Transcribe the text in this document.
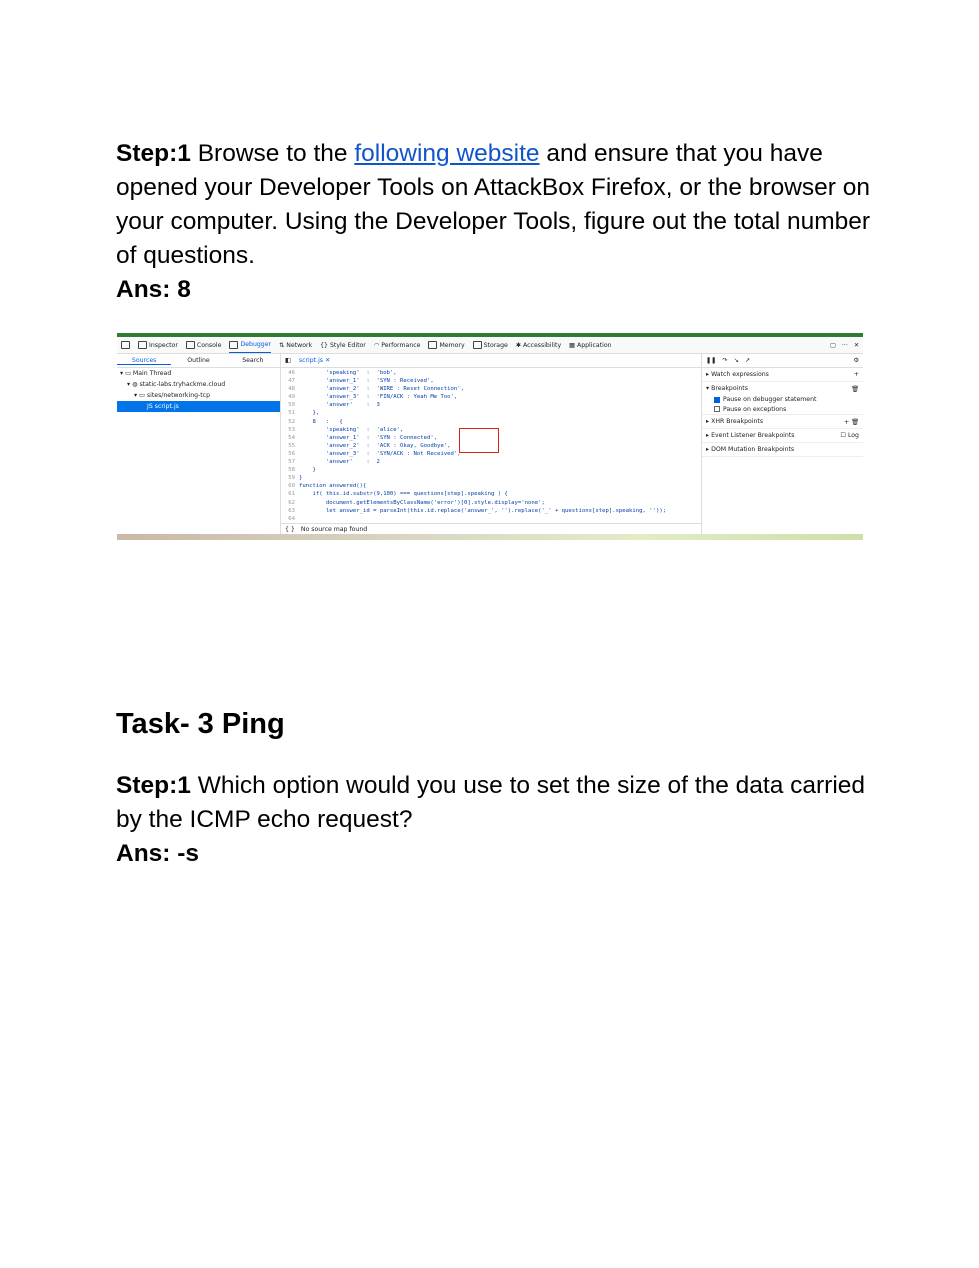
Step:1 Browse to the following website and ensure that you have opened your Developer Tools on AttackBox Firefox, or the browser on your computer. Using the Developer Tools, figure out the total number of questions.
Ans: 8
Inspector	Console	Debugger ⇅ Network {} Style Editor ◠ Performance	Memory	Storage ✱ Accessibility ▦ Application	▢ ··· ✕
Sources	Outline	Search
▾ ▭ Main Thread
▾ ◍ static-labs.tryhackme.cloud
▾ ▭ sites/networking-tcp
JS script.js
◧ script.js ✕
46 'speaking'  :  'bob',
47 'answer_1'  :  'SYN : Received',
48 'answer_2'  :  'WIRE : Reset Connection',
49 'answer_3'  :  'FIN/ACK : Yeah Me Too',
50 'answer'    :  3
51 },
52 8   :   {
53 'speaking'  :  'alice',
54 'answer_1'  :  'SYN : Connected',
55 'answer_2'  :  'ACK : Okay, Goodbye',
56 'answer_3'  :  'SYN/ACK : Not Received',
57 'answer'    :  2
58 }
59 }
60 function answered(){
61 if( this.id.substr(9,100) === questions[step].speaking ) {
62 document.getElementsByClassName('error')[0].style.display='none';
63 let answer_id = parseInt(this.id.replace('answer_', '').replace('_' + questions[step].speaking, ''));
64
{ } No source map found
❚❚ ↷ ↘ ↗	⚙
▸ Watch expressions	+
▾ Breakpoints	🗑
Pause on debugger statement
Pause on exceptions
▸ XHR Breakpoints	+ 🗑
▸ Event Listener Breakpoints	☐ Log
▸ DOM Mutation Breakpoints
Task- 3 Ping
Step:1 Which option would you use to set the size of the data carried by the ICMP echo request?
Ans: -s
